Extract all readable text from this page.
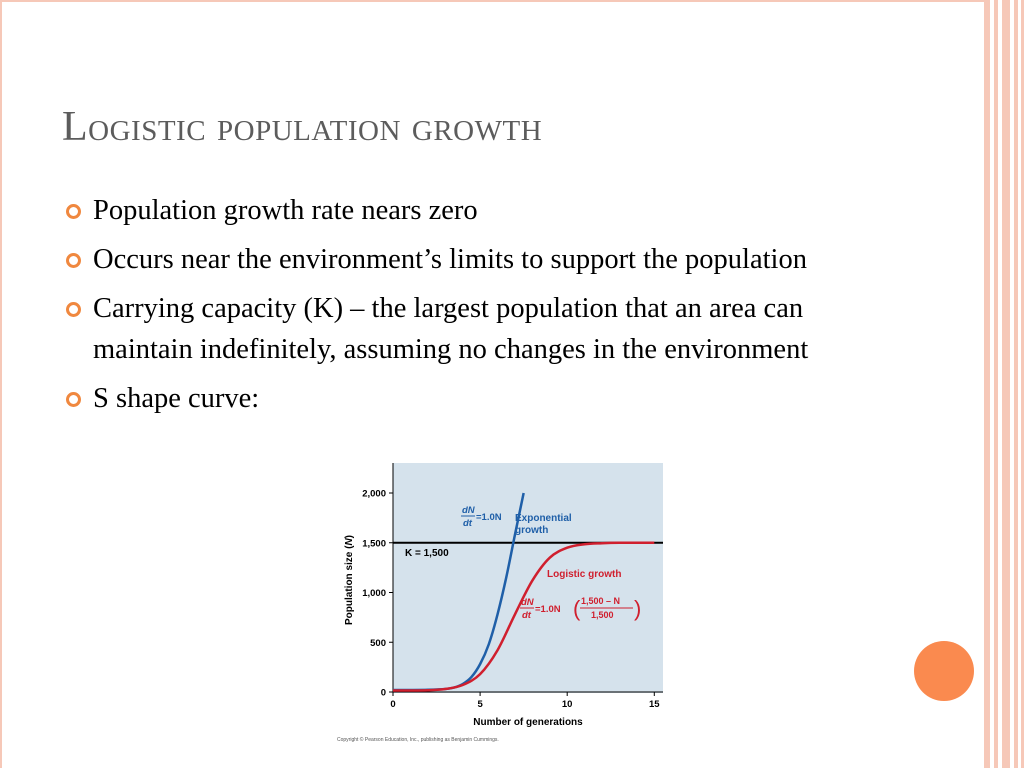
Logistic population growth
Population growth rate nears zero
Occurs near the environment’s limits to support the population
Carrying capacity (K) – the largest population that an area can maintain indefinitely, assuming no changes in the environment
S shape curve:
0
500
1,000
1,500
2,000
0	5	10	15
K = 1,500
dN
dt
=1.0N Exponential growth
Logistic growth
dN
dt
=1.0N ( 1,500 – N
1,500 )
Population size (N)
Number of generations
Copyright © Pearson Education, Inc., publishing as Benjamin Cummings.
